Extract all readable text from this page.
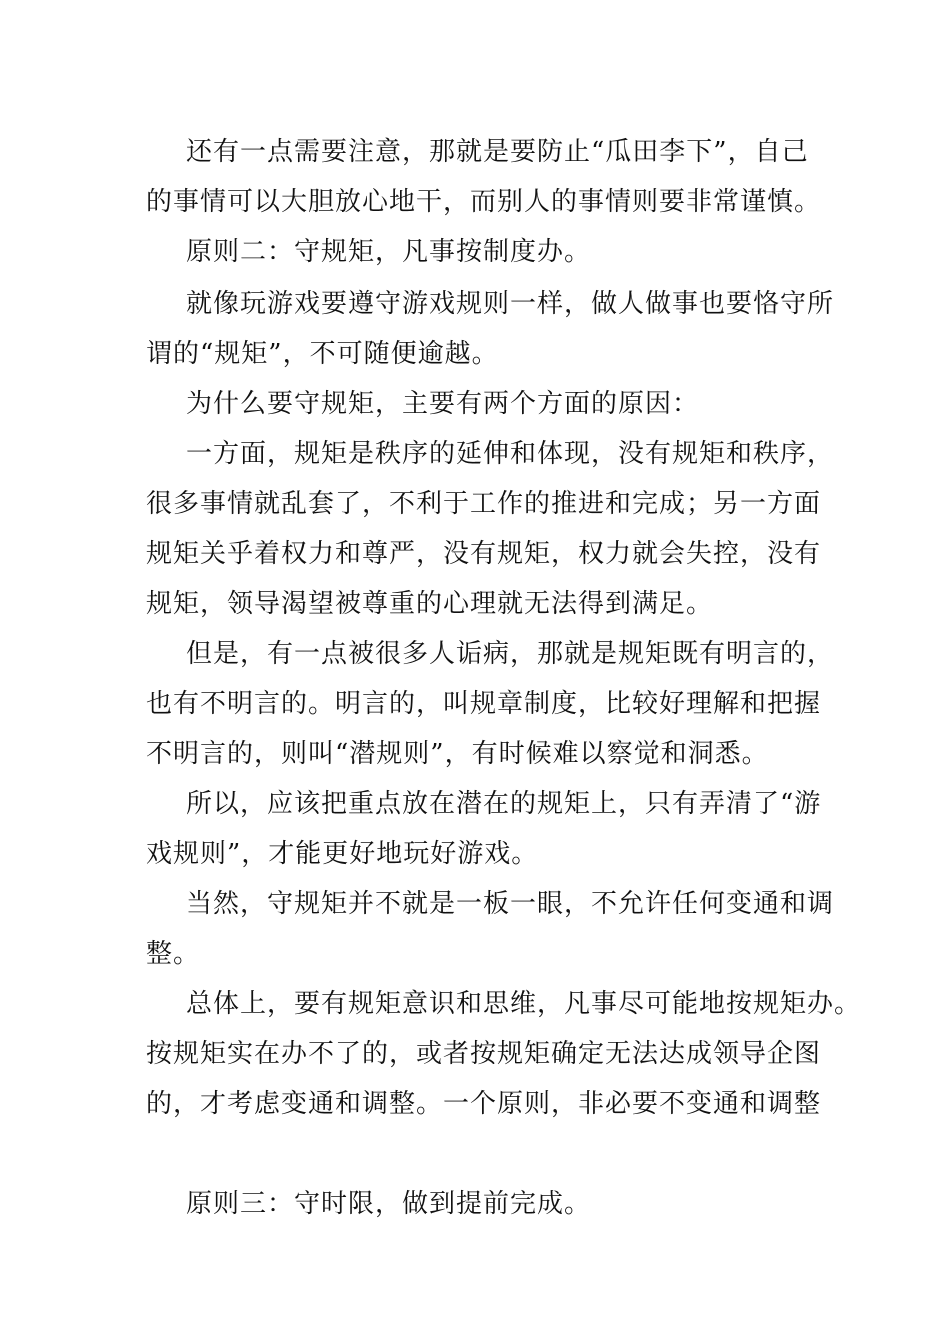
还有一点需要注意，那就是要防止“瓜田李下”，自己
的事情可以大胆放心地干，而别人的事情则要非常谨慎。
原则二：守规矩，凡事按制度办。
就像玩游戏要遵守游戏规则一样，做人做事也要恪守所
谓的“规矩”，不可随便逾越。
为什么要守规矩，主要有两个方面的原因：
一方面，规矩是秩序的延伸和体现，没有规矩和秩序，
很多事情就乱套了，不利于工作的推进和完成；另一方面
规矩关乎着权力和尊严，没有规矩，权力就会失控，没有
规矩，领导渴望被尊重的心理就无法得到满足。
但是，有一点被很多人诟病，那就是规矩既有明言的，
也有不明言的。明言的，叫规章制度，比较好理解和把握
不明言的，则叫“潜规则”，有时候难以察觉和洞悉。
所以，应该把重点放在潜在的规矩上，只有弄清了“游
戏规则”，才能更好地玩好游戏。
当然，守规矩并不就是一板一眼，不允许任何变通和调
整。
总体上，要有规矩意识和思维，凡事尽可能地按规矩办。
按规矩实在办不了的，或者按规矩确定无法达成领导企图
的，才考虑变通和调整。一个原则，非必要不变通和调整
原则三：守时限，做到提前完成。
